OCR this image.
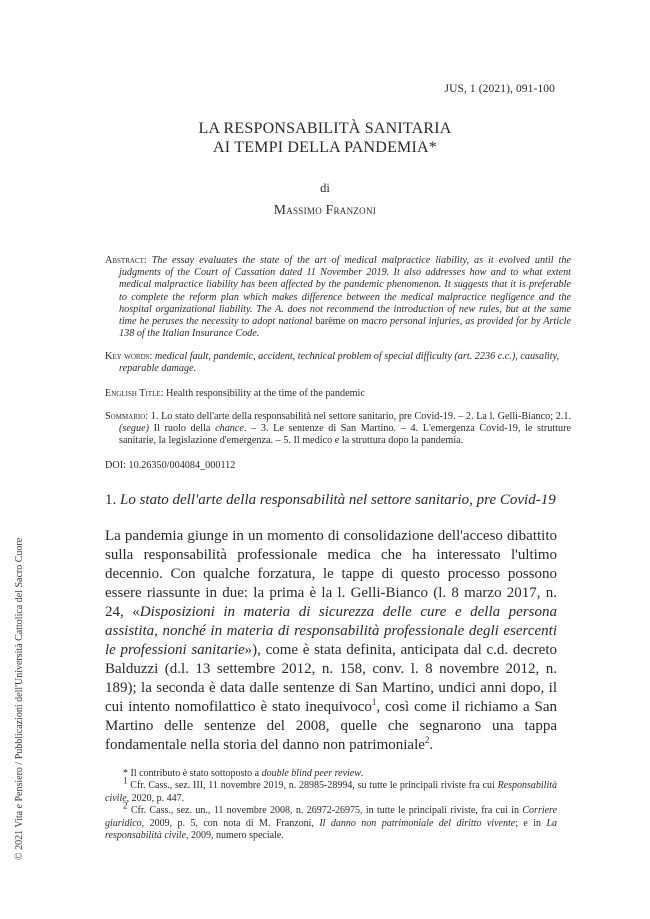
JUS, 1 (2021), 091-100
LA RESPONSABILITÀ SANITARIA
AI TEMPI DELLA PANDEMIA*
di
Massimo Franzoni
Abstract: The essay evaluates the state of the art of medical malpractice liability, as it evolved until the judgments of the Court of Cassation dated 11 November 2019. It also addresses how and to what extent medical malpractice liability has been affected by the pandemic phenomenon. It suggests that it is preferable to complete the reform plan which makes difference between the medical malpractice negligence and the hospital organizational liability. The A. does not recommend the introduction of new rules, but at the same time he peruses the necessity to adopt national barème on macro personal injuries, as provided for by Article 138 of the Italian Insurance Code.
Key words: medical fault, pandemic, accident, technical problem of special difficulty (art. 2236 c.c.), causality, reparable damage.
English Title: Health responsibility at the time of the pandemic
Sommario: 1. Lo stato dell'arte della responsabilità nel settore sanitario, pre Covid-19. – 2. La l. Gelli-Bianco; 2.1. (segue) Il ruolo della chance. – 3. Le sentenze di San Martino. – 4. L'emergenza Covid-19, le strutture sanitarie, la legislazione d'emergenza. – 5. Il medico e la struttura dopo la pandemia.
DOI: 10.26350/004084_000112
1. Lo stato dell'arte della responsabilità nel settore sanitario, pre Covid-19
La pandemia giunge in un momento di consolidazione dell'acceso dibattito sulla responsabilità professionale medica che ha interessato l'ultimo decennio. Con qualche forzatura, le tappe di questo processo possono essere riassunte in due: la prima è la l. Gelli-Bianco (l. 8 marzo 2017, n. 24, «Disposizioni in materia di sicurezza delle cure e della persona assistita, nonché in materia di responsabilità professionale degli esercenti le professioni sanitarie»), come è stata definita, anticipata dal c.d. decreto Balduzzi (d.l. 13 settembre 2012, n. 158, conv. l. 8 novembre 2012, n. 189); la seconda è data dalle sentenze di San Martino, undici anni dopo, il cui intento nomofilattico è stato inequivoco$^1$, così come il richiamo a San Martino delle sentenze del 2008, quelle che segnarono una tappa fondamentale nella storia del danno non patrimoniale$^2$.
* Il contributo è stato sottoposto a double blind peer review.
$^1$ Cfr. Cass., sez. III, 11 novembre 2019, n. 28985-28994, su tutte le principali riviste fra cui Responsabilità civile, 2020, p. 447.
$^2$ Cfr. Cass., sez. un., 11 novembre 2008, n. 26972-26975, in tutte le principali riviste, fra cui in Corriere giuridico, 2009, p. 5, con nota di M. Franzoni, Il danno non patrimoniale del diritto vivente; e in La responsabilità civile, 2009, numero speciale.
© 2021 Vita e Pensiero / Pubblicazioni dell'Università Cattolica del Sacro Cuore
